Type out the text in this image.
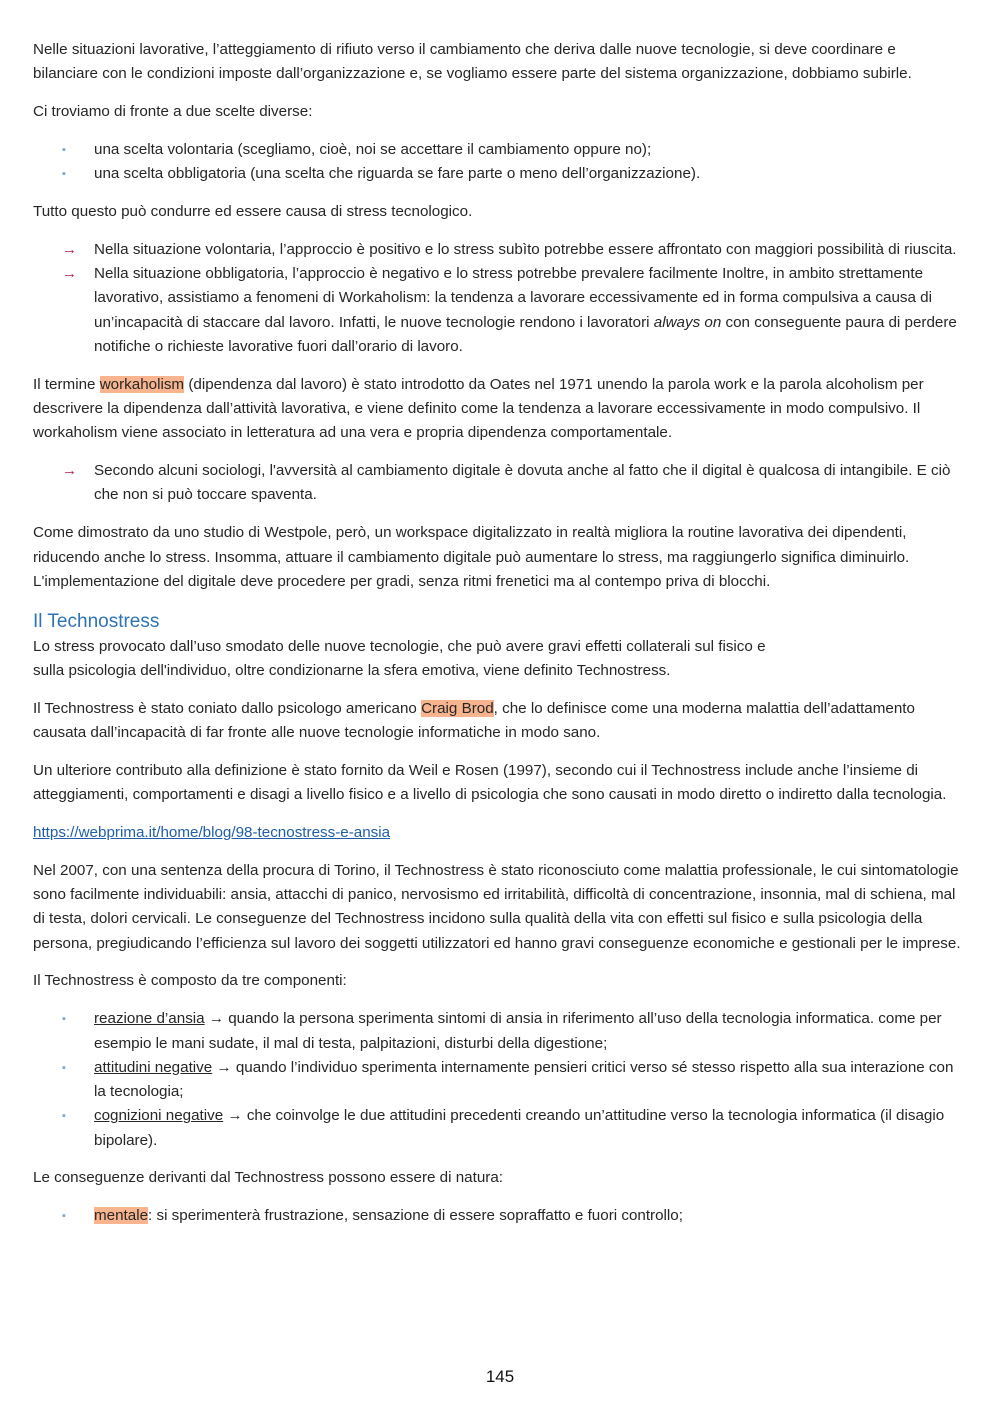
Nelle situazioni lavorative, l’atteggiamento di rifiuto verso il cambiamento che deriva dalle nuove tecnologie, si deve coordinare e bilanciare con le condizioni imposte dall’organizzazione e, se vogliamo essere parte del sistema organizzazione, dobbiamo subirle.

Ci troviamo di fronte a due scelte diverse:

▪ una scelta volontaria (scegliamo, cioè, noi se accettare il cambiamento oppure no);
▪ una scelta obbligatoria (una scelta che riguarda se fare parte o meno dell’organizzazione).

Tutto questo può condurre ed essere causa di stress tecnologico.

→ Nella situazione volontaria, l’approccio è positivo e lo stress subìto potrebbe essere affrontato con maggiori possibilità di riuscita.
→ Nella situazione obbligatoria, l’approccio è negativo e lo stress potrebbe prevalere facilmente Inoltre, in ambito strettamente lavorativo, assistiamo a fenomeni di Workaholism: la tendenza a lavorare eccessivamente ed in forma compulsiva a causa di un’incapacità di staccare dal lavoro. Infatti, le nuove tecnologie rendono i lavoratori always on con conseguente paura di perdere notifiche o richieste lavorative fuori dall’orario di lavoro.

Il termine workaholism (dipendenza dal lavoro) è stato introdotto da Oates nel 1971 unendo la parola work e la parola alcoholism per descrivere la dipendenza dall’attività lavorativa, e viene definito come la tendenza a lavorare eccessivamente in modo compulsivo. Il workaholism viene associato in letteratura ad una vera e propria dipendenza comportamentale.

→ Secondo alcuni sociologi, l'avversità al cambiamento digitale è dovuta anche al fatto che il digital è qualcosa di intangibile. E ciò che non si può toccare spaventa.

Come dimostrato da uno studio di Westpole, però, un workspace digitalizzato in realtà migliora la routine lavorativa dei dipendenti, riducendo anche lo stress. Insomma, attuare il cambiamento digitale può aumentare lo stress, ma raggiungerlo significa diminuirlo. L'implementazione del digitale deve procedere per gradi, senza ritmi frenetici ma al contempo priva di blocchi.

Il Technostress

Lo stress provocato dall’uso smodato delle nuove tecnologie, che può avere gravi effetti collaterali sul fisico e
sulla psicologia dell'individuo, oltre condizionarne la sfera emotiva, viene definito Technostress.

Il Technostress è stato coniato dallo psicologo americano Craig Brod, che lo definisce come una moderna malattia dell’adattamento causata dall’incapacità di far fronte alle nuove tecnologie informatiche in modo sano.

Un ulteriore contributo alla definizione è stato fornito da Weil e Rosen (1997), secondo cui il Technostress include anche l’insieme di atteggiamenti, comportamenti e disagi a livello fisico e a livello di psicologia che sono causati in modo diretto o indiretto dalla tecnologia.

https://webprima.it/home/blog/98-tecnostress-e-ansia

Nel 2007, con una sentenza della procura di Torino, il Technostress è stato riconosciuto come malattia professionale, le cui sintomatologie sono facilmente individuabili: ansia, attacchi di panico, nervosismo ed irritabilità, difficoltà di concentrazione, insonnia, mal di schiena, mal di testa, dolori cervicali. Le conseguenze del Technostress incidono sulla qualità della vita con effetti sul fisico e sulla psicologia della persona, pregiudicando l’efficienza sul lavoro dei soggetti utilizzatori ed hanno gravi conseguenze economiche e gestionali per le imprese.

Il Technostress è composto da tre componenti:

▪ reazione d’ansia → quando la persona sperimenta sintomi di ansia in riferimento all’uso della tecnologia informatica. come per esempio le mani sudate, il mal di testa, palpitazioni, disturbi della digestione;
▪ attitudini negative → quando l’individuo sperimenta internamente pensieri critici verso sé stesso rispetto alla sua interazione con la tecnologia;
▪ cognizioni negative → che coinvolge le due attitudini precedenti creando un’attitudine verso la tecnologia informatica (il disagio bipolare).

Le conseguenze derivanti dal Technostress possono essere di natura:

▪ mentale: si sperimenterà frustrazione, sensazione di essere sopraffatto e fuori controllo;
145
